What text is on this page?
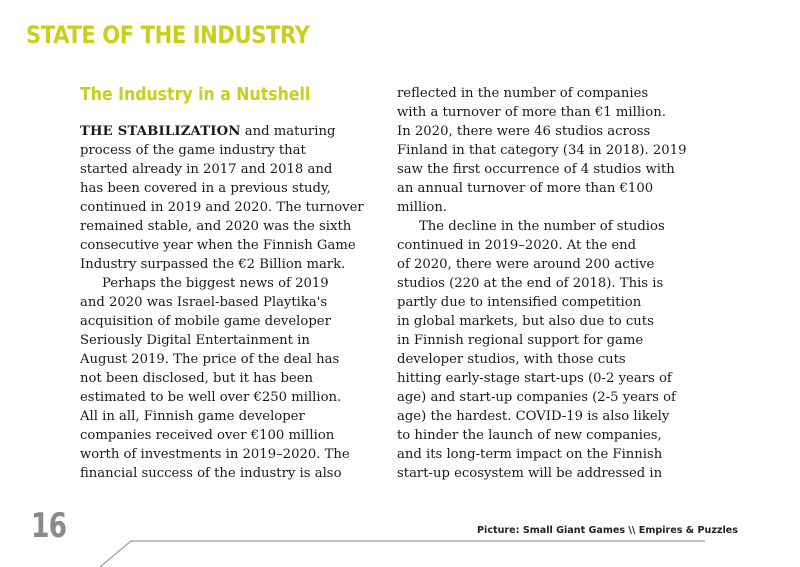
STATE OF THE INDUSTRY
The Industry in a Nutshell
THE STABILIZATION and maturing
process of the game industry that
started already in 2017 and 2018 and
has been covered in a previous study,
continued in 2019 and 2020. The turnover
remained stable, and 2020 was the sixth
consecutive year when the Finnish Game
Industry surpassed the €2 Billion mark.
Perhaps the biggest news of 2019
and 2020 was Israel-based Playtika's
acquisition of mobile game developer
Seriously Digital Entertainment in
August 2019. The price of the deal has
not been disclosed, but it has been
estimated to be well over €250 million.
All in all, Finnish game developer
companies received over €100 million
worth of investments in 2019–2020. The
financial success of the industry is also
reflected in the number of companies
with a turnover of more than €1 million.
In 2020, there were 46 studios across
Finland in that category (34 in 2018). 2019
saw the first occurrence of 4 studios with
an annual turnover of more than €100
million.
The decline in the number of studios
continued in 2019–2020. At the end
of 2020, there were around 200 active
studios (220 at the end of 2018). This is
partly due to intensified competition
in global markets, but also due to cuts
in Finnish regional support for game
developer studios, with those cuts
hitting early-stage start-ups (0-2 years of
age) and start-up companies (2-5 years of
age) the hardest. COVID-19 is also likely
to hinder the launch of new companies,
and its long-term impact on the Finnish
start-up ecosystem will be addressed in
16	Picture: Small Giant Games \\ Empires & Puzzles
